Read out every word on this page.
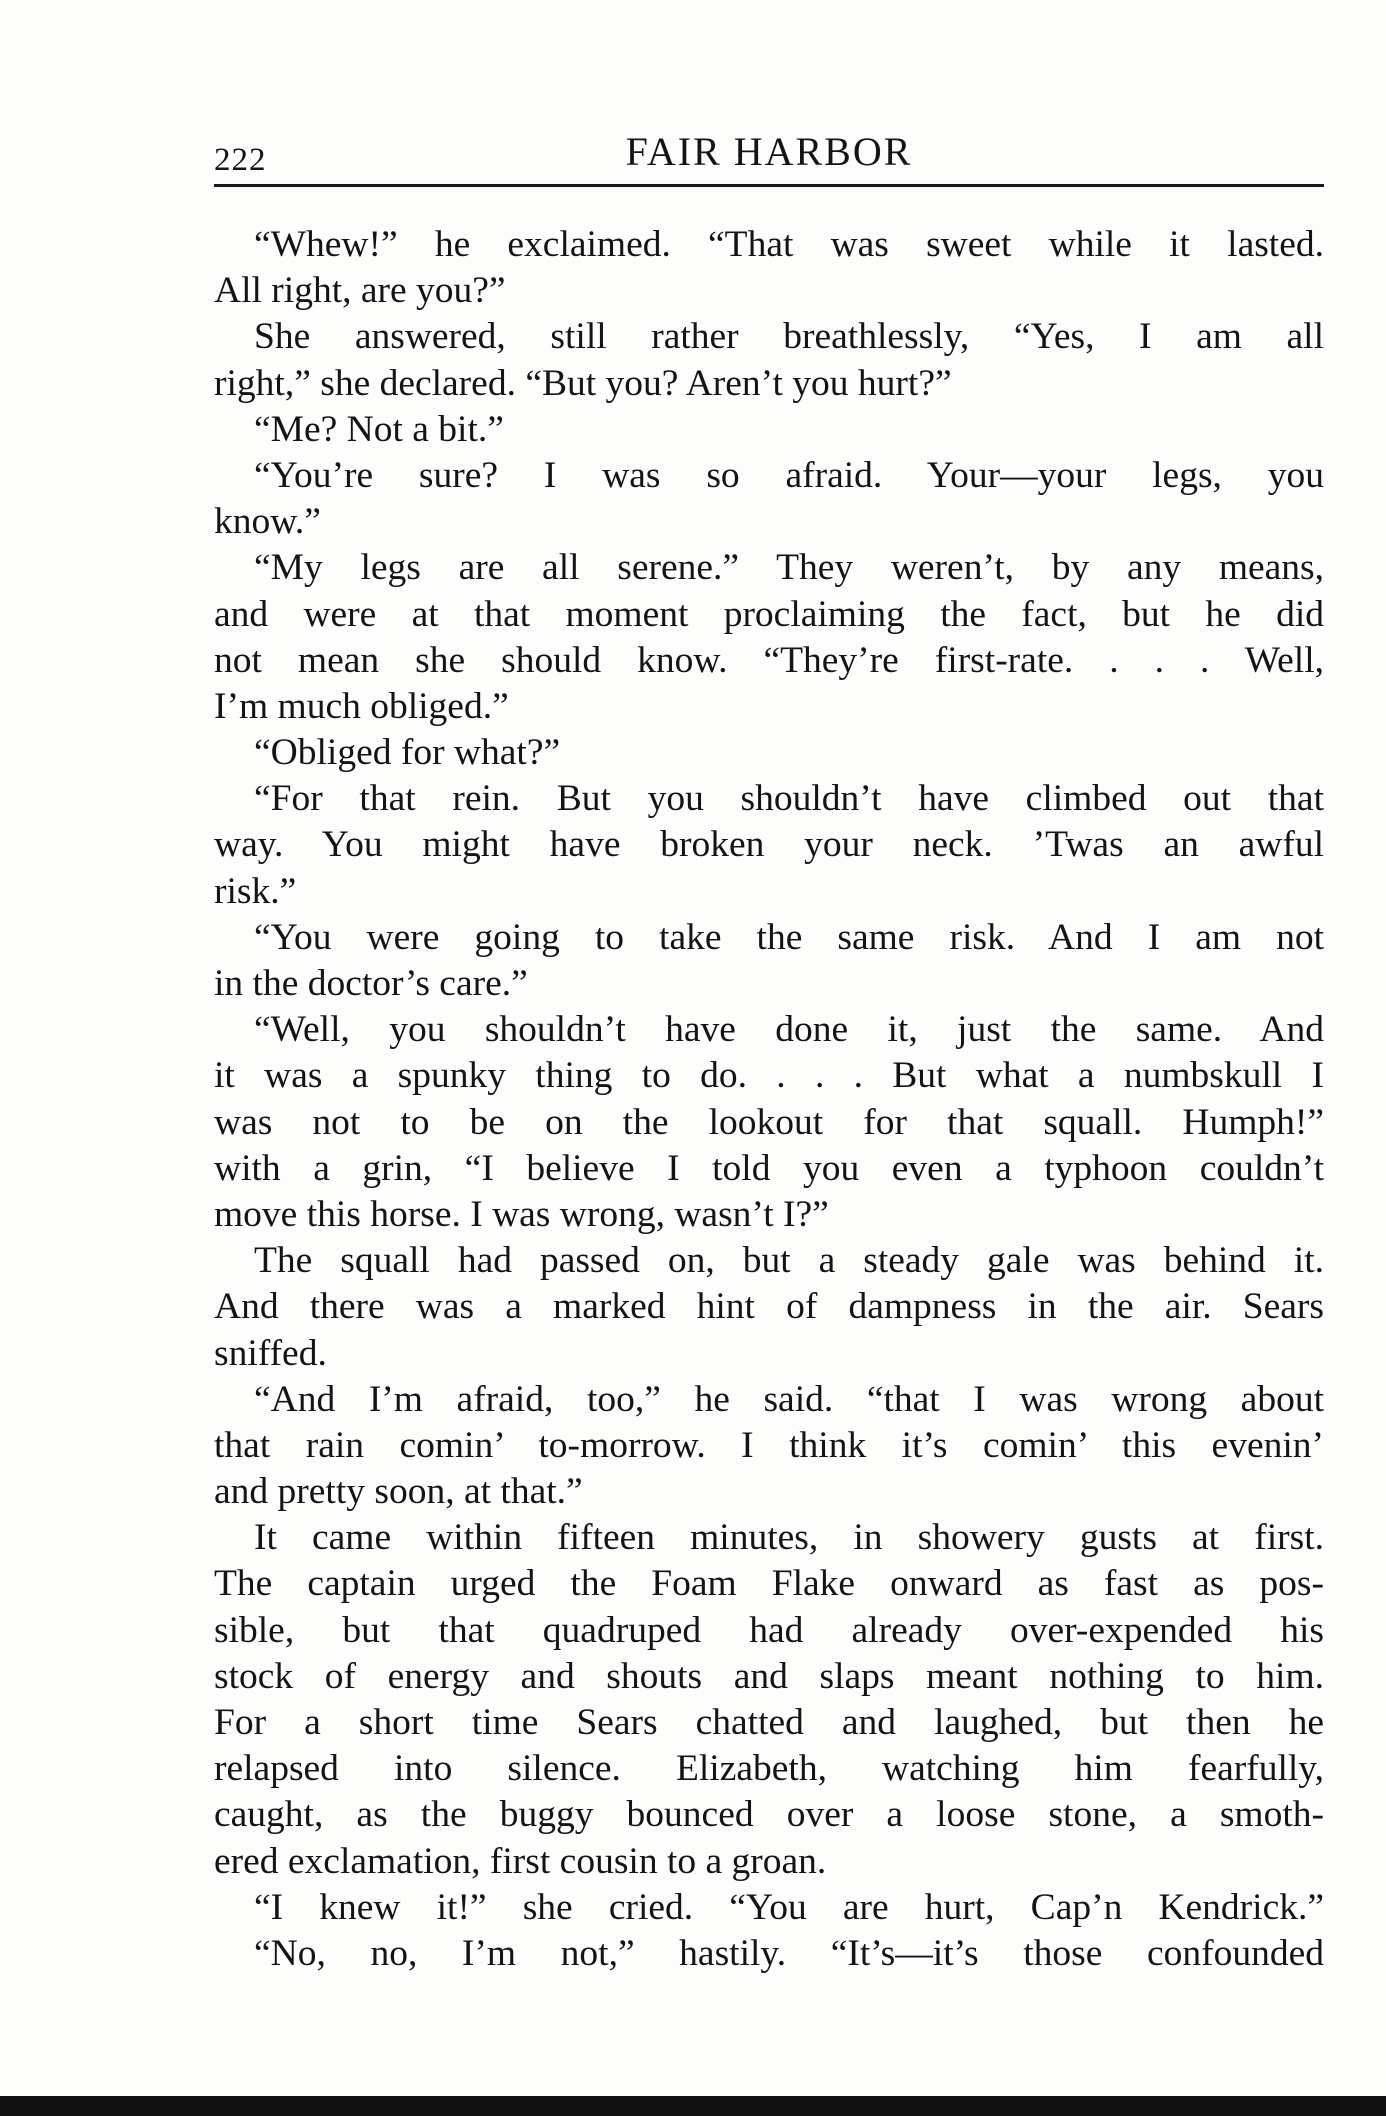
222	FAIR HARBOR
“Whew!” he exclaimed. “That was sweet while it lasted.
All right, are you?”
She answered, still rather breathlessly, “Yes, I am all
right,” she declared. “But you? Aren’t you hurt?”
“Me? Not a bit.”
“You’re sure? I was so afraid. Your—your legs, you
know.”
“My legs are all serene.” They weren’t, by any means,
and were at that moment proclaiming the fact, but he did
not mean she should know. “They’re first-rate. . . . Well,
I’m much obliged.”
“Obliged for what?”
“For that rein. But you shouldn’t have climbed out that
way. You might have broken your neck. ’Twas an awful
risk.”
“You were going to take the same risk. And I am not
in the doctor’s care.”
“Well, you shouldn’t have done it, just the same. And
it was a spunky thing to do. . . . But what a numbskull I
was not to be on the lookout for that squall. Humph!”
with a grin, “I believe I told you even a typhoon couldn’t
move this horse. I was wrong, wasn’t I?”
The squall had passed on, but a steady gale was behind it.
And there was a marked hint of dampness in the air. Sears
sniffed.
“And I’m afraid, too,” he said. “that I was wrong about
that rain comin’ to-morrow. I think it’s comin’ this evenin’
and pretty soon, at that.”
It came within fifteen minutes, in showery gusts at first.
The captain urged the Foam Flake onward as fast as pos-
sible, but that quadruped had already over-expended his
stock of energy and shouts and slaps meant nothing to him.
For a short time Sears chatted and laughed, but then he
relapsed into silence. Elizabeth, watching him fearfully,
caught, as the buggy bounced over a loose stone, a smoth-
ered exclamation, first cousin to a groan.
“I knew it!” she cried. “You are hurt, Cap’n Kendrick.”
“No, no, I’m not,” hastily. “It’s—it’s those confounded
